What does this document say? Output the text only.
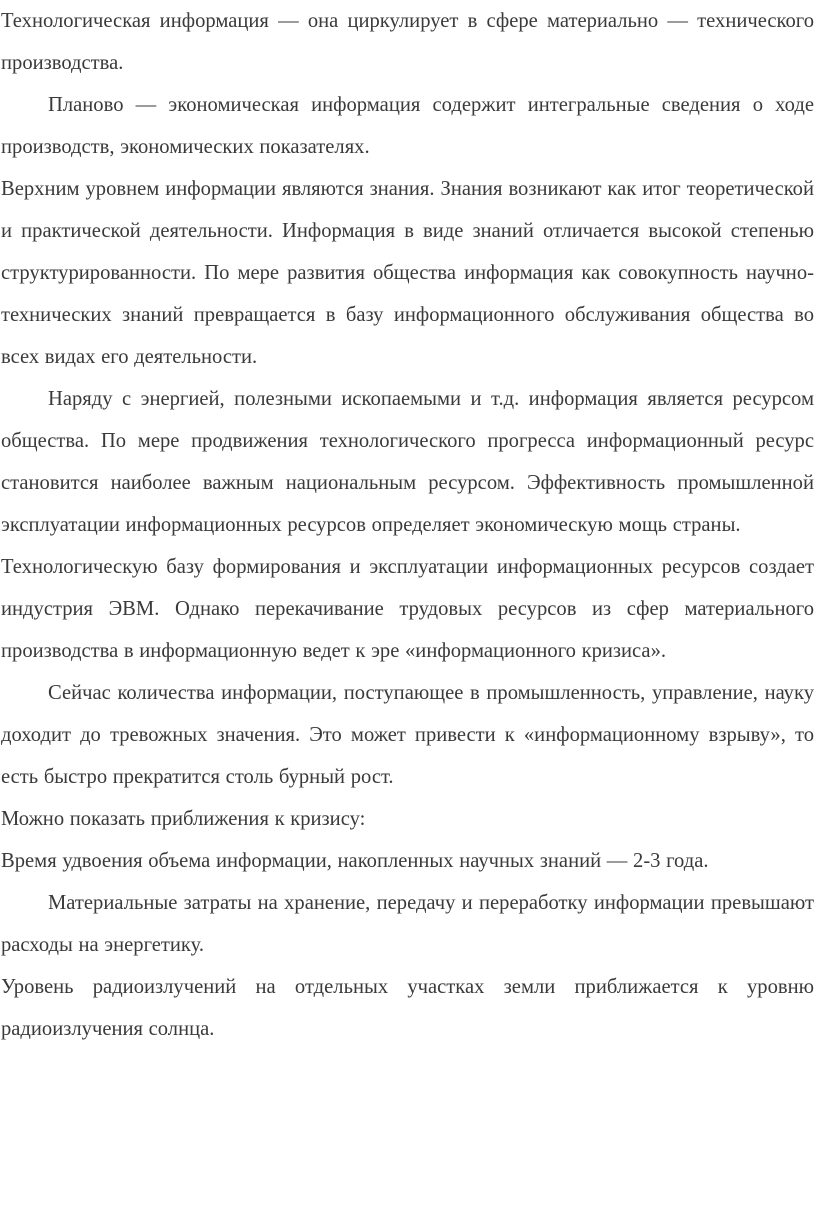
Технологическая информация — она циркулирует в сфере материально — технического производства.

Планово — экономическая информация содержит интегральные сведения о ходе производств, экономических показателях.

Верхним уровнем информации являются знания. Знания возникают как итог теоретической и практической деятельности. Информация в виде знаний отличается высокой степенью структурированности. По мере развития общества информация как совокупность научно-технических знаний превращается в базу информационного обслуживания общества во всех видах его деятельности.

Наряду с энергией, полезными ископаемыми и т.д. информация является ресурсом общества. По мере продвижения технологического прогресса информационный ресурс становится наиболее важным национальным ресурсом. Эффективность промышленной эксплуатации информационных ресурсов определяет экономическую мощь страны.

Технологическую базу формирования и эксплуатации информационных ресурсов создает индустрия ЭВМ. Однако перекачивание трудовых ресурсов из сфер материального производства в информационную ведет к эре «информационного кризиса».

Сейчас количества информации, поступающее в промышленность, управление, науку доходит до тревожных значения. Это может привести к «информационному взрыву», то есть быстро прекратится столь бурный рост.

Можно показать приближения к кризису:

Время удвоения объема информации, накопленных научных знаний — 2-3 года.

Материальные затраты на хранение, передачу и переработку информации превышают расходы на энергетику.

Уровень радиоизлучений на отдельных участках земли приближается к уровню радиоизлучения солнца.
